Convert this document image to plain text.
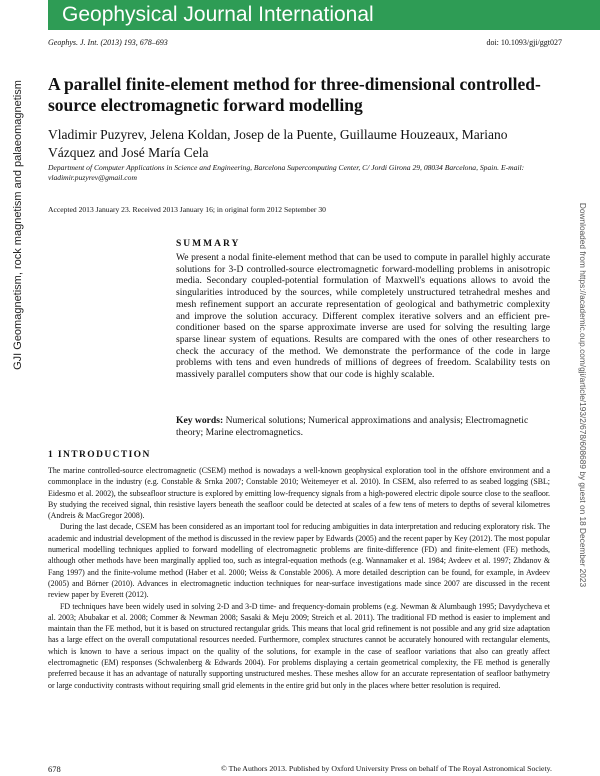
Geophysical Journal International
GJI Geomagnetism, rock magnetism and palaeomagnetism	Downloaded from https://academic.oup.com/gji/article/193/2/678/608689 by guest on 18 December 2023
Geophys. J. Int. (2013) 193, 678–693	doi: 10.1093/gji/ggt027
A parallel finite-element method for three-dimensional controlled-source electromagnetic forward modelling
Vladimir Puzyrev, Jelena Koldan, Josep de la Puente, Guillaume Houzeaux, Mariano Vázquez and José María Cela
Department of Computer Applications in Science and Engineering, Barcelona Supercomputing Center, C/ Jordi Girona 29, 08034 Barcelona, Spain. E-mail: vladimir.puzyrev@gmail.com
Accepted 2013 January 23. Received 2013 January 16; in original form 2012 September 30
SUMMARY
We present a nodal finite-element method that can be used to compute in parallel highly accurate solutions for 3-D controlled-source electromagnetic forward-modelling problems in anisotropic media. Secondary coupled-potential formulation of Maxwell's equations allows to avoid the singularities introduced by the sources, while completely unstructured tetrahedral meshes and mesh refinement support an accurate representation of geological and bathymetric complexity and improve the solution accuracy. Different complex iterative solvers and an efficient pre-conditioner based on the sparse approximate inverse are used for solving the resulting large sparse linear system of equations. Results are compared with the ones of other researchers to check the accuracy of the method. We demonstrate the performance of the code in large problems with tens and even hundreds of millions of degrees of freedom. Scalability tests on massively parallel computers show that our code is highly scalable.
Key words: Numerical solutions; Numerical approximations and analysis; Electromagnetic theory; Marine electromagnetics.
1 INTRODUCTION

The marine controlled-source electromagnetic (CSEM) method is nowadays a well-known geophysical exploration tool in the offshore environment and a commonplace in the industry (e.g. Constable & Srnka 2007; Constable 2010; Weitemeyer et al. 2010). In CSEM, also referred to as seabed logging (SBL; Eidesmo et al. 2002), the subseafloor structure is explored by emitting low-frequency signals from a high-powered electric dipole source close to the seafloor. By studying the received signal, thin resistive layers beneath the seafloor could be detected at scales of a few tens of meters to depths of several kilometres (Andreis & MacGregor 2008).

During the last decade, CSEM has been considered as an important tool for reducing ambiguities in data interpretation and reducing exploratory risk. The academic and industrial development of the method is discussed in the review paper by Edwards (2005) and the recent paper by Key (2012). The most popular numerical modelling techniques applied to forward modelling of electromagnetic problems are finite-difference (FD) and finite-element (FE) methods, although other methods have been marginally applied too, such as integral-equation methods (e.g. Wannamaker et al. 1984; Avdeev et al. 1997; Zhdanov & Fang 1997) and the finite-volume method (Haber et al. 2000; Weiss & Constable 2006). A more detailed description can be found, for example, in Avdeev (2005) and Börner (2010). Advances in electromagnetic induction techniques for near-surface investigations made since 2007 are discussed in the recent review paper by Everett (2012).

FD techniques have been widely used in solving 2-D and 3-D time- and frequency-domain problems (e.g. Newman & Alumbaugh 1995; Davydycheva et al. 2003; Abubakar et al. 2008; Commer & Newman 2008; Sasaki & Meju 2009; Streich et al. 2011). The traditional FD method is easier to implement and maintain than the FE method, but it is based on structured rectangular grids. This means that local grid refinement is not possible and any grid size adaptation has a large effect on the overall computational resources needed. Furthermore, complex structures cannot be accurately honoured with rectangular elements, which is known to have a serious impact on the quality of the solutions, for example in the case of seafloor variations that also can greatly affect electromagnetic (EM) responses (Schwalenberg & Edwards 2004). For problems displaying a certain geometrical complexity, the FE method is generally preferred because it has an advantage of naturally supporting unstructured meshes. These meshes allow for an accurate representation of seafloor bathymetry or large conductivity contrasts without requiring small grid elements in the entire grid but only in the places where better resolution is required.

678	© The Authors 2013. Published by Oxford University Press on behalf of The Royal Astronomical Society.
